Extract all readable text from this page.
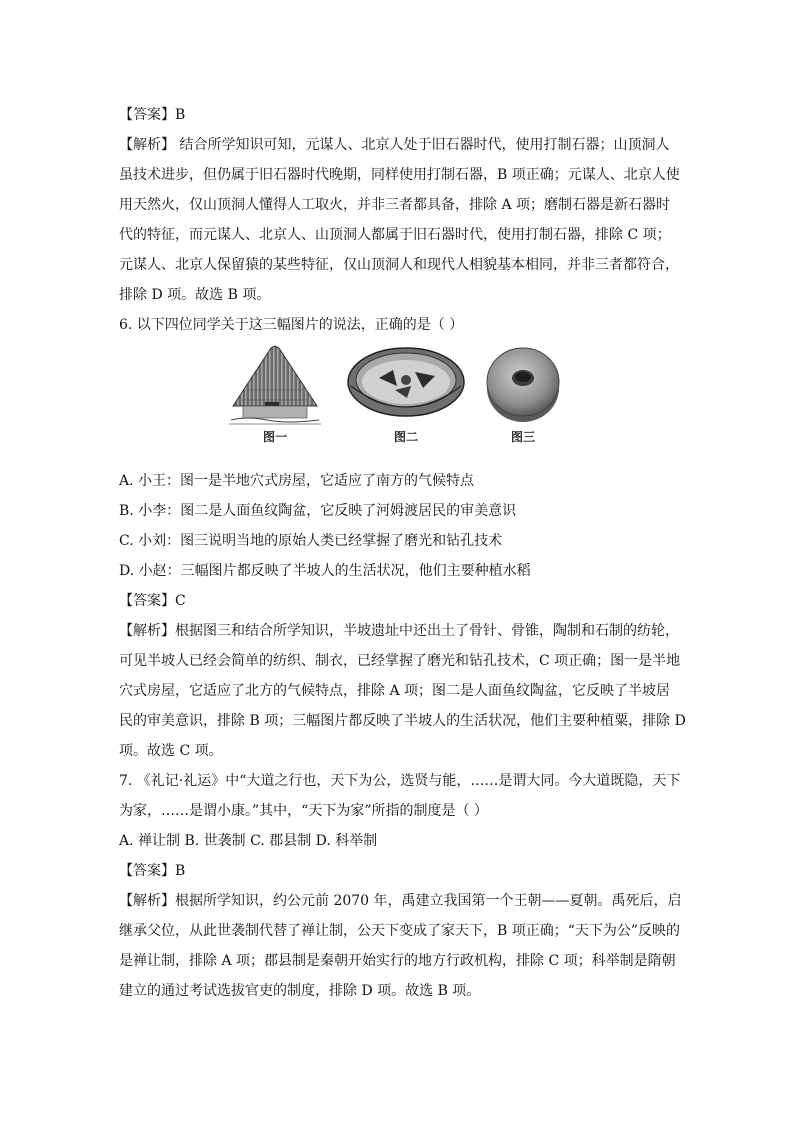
【答案】B
【解析】 结合所学知识可知，元谋人、北京人处于旧石器时代，使用打制石器；山顶洞人
虽技术进步，但仍属于旧石器时代晚期，同样使用打制石器，B 项正确；元谋人、北京人使
用天然火，仅山顶洞人懂得人工取火，并非三者都具备，排除 A 项；磨制石器是新石器时
代的特征，而元谋人、北京人、山顶洞人都属于旧石器时代，使用打制石器，排除 C 项；
元谋人、北京人保留猿的某些特征，仅山顶洞人和现代人相貌基本相同，并非三者都符合，
排除 D 项。故选 B 项。
6. 以下四位同学关于这三幅图片的说法，正确的是（ ）
图一	图二	图三
A. 小王：图一是半地穴式房屋，它适应了南方的气候特点
B. 小李：图二是人面鱼纹陶盆，它反映了河姆渡居民的审美意识
C. 小刘：图三说明当地的原始人类已经掌握了磨光和钻孔技术
D. 小赵：三幅图片都反映了半坡人的生活状况，他们主要种植水稻
【答案】C
【解析】根据图三和结合所学知识，半坡遗址中还出土了骨针、骨锥，陶制和石制的纺轮，
可见半坡人已经会简单的纺织、制衣，已经掌握了磨光和钻孔技术，C 项正确；图一是半地
穴式房屋，它适应了北方的气候特点，排除 A 项；图二是人面鱼纹陶盆，它反映了半坡居
民的审美意识，排除 B 项；三幅图片都反映了半坡人的生活状况，他们主要种植粟，排除 D
项。故选 C 项。
7. 《礼记·礼运》中“大道之行也，天下为公，选贤与能，……是谓大同。今大道既隐，天下
为家，……是谓小康。”其中，“天下为家”所指的制度是（ ）
A. 禅让制 B. 世袭制 C. 郡县制 D. 科举制
【答案】B
【解析】根据所学知识，约公元前 2070 年，禹建立我国第一个王朝——夏朝。禹死后，启
继承父位，从此世袭制代替了禅让制，公天下变成了家天下，B 项正确；“天下为公”反映的
是禅让制，排除 A 项；郡县制是秦朝开始实行的地方行政机构，排除 C 项；科举制是隋朝
建立的通过考试选拔官吏的制度，排除 D 项。故选 B 项。
